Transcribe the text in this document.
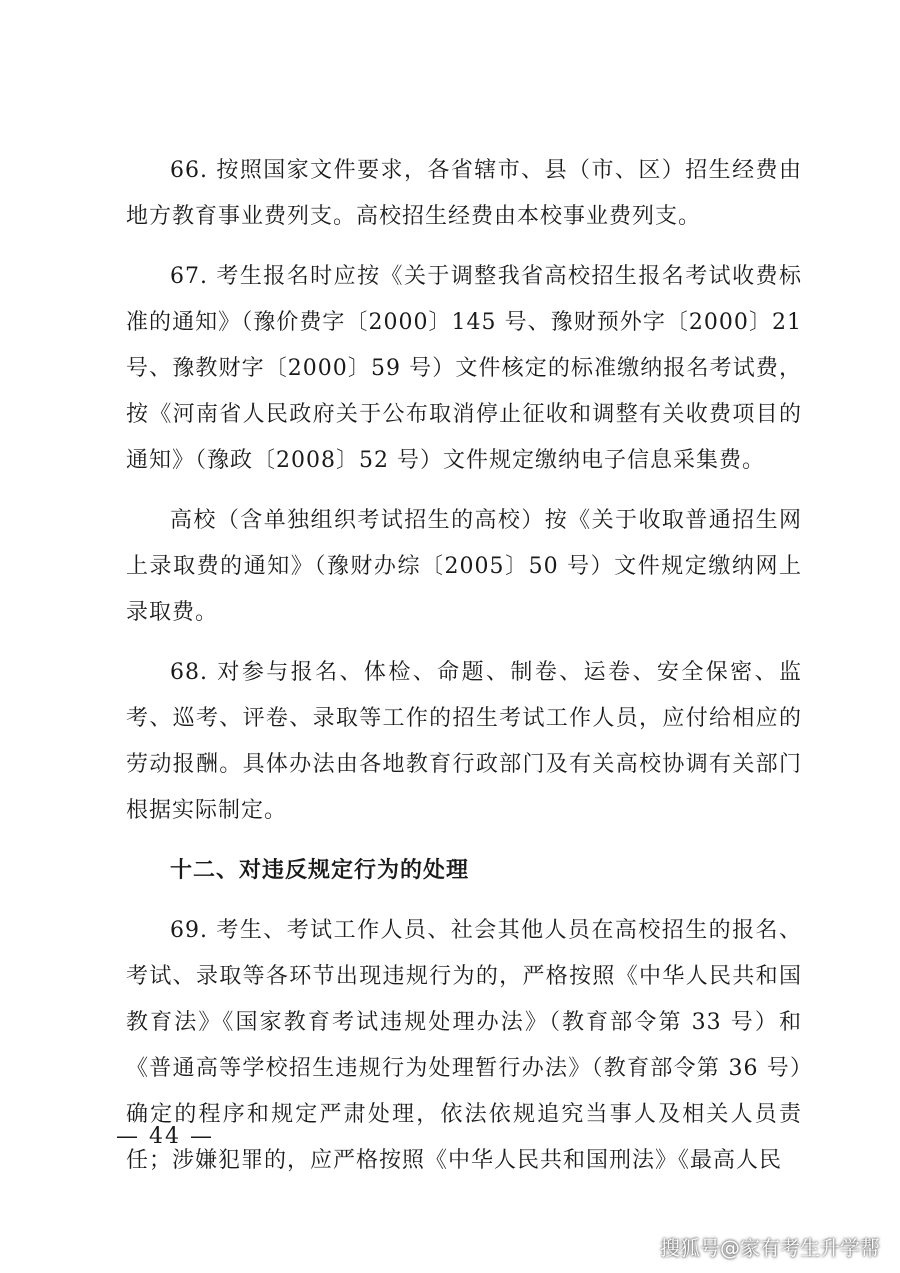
66. 按照国家文件要求，各省辖市、县（市、区）招生经费由地方教育事业费列支。高校招生经费由本校事业费列支。

67. 考生报名时应按《关于调整我省高校招生报名考试收费标准的通知》（豫价费字〔2000〕145 号、豫财预外字〔2000〕21 号、豫教财字〔2000〕59 号）文件核定的标准缴纳报名考试费，按《河南省人民政府关于公布取消停止征收和调整有关收费项目的通知》（豫政〔2008〕52 号）文件规定缴纳电子信息采集费。

高校（含单独组织考试招生的高校）按《关于收取普通招生网上录取费的通知》（豫财办综〔2005〕50 号）文件规定缴纳网上录取费。

68. 对参与报名、体检、命题、制卷、运卷、安全保密、监考、巡考、评卷、录取等工作的招生考试工作人员，应付给相应的劳动报酬。具体办法由各地教育行政部门及有关高校协调有关部门根据实际制定。

十二、对违反规定行为的处理

69. 考生、考试工作人员、社会其他人员在高校招生的报名、考试、录取等各环节出现违规行为的，严格按照《中华人民共和国教育法》《国家教育考试违规处理办法》（教育部令第 33 号）和《普通高等学校招生违规行为处理暂行办法》（教育部令第 36 号）确定的程序和规定严肃处理，依法依规追究当事人及相关人员责任；涉嫌犯罪的，应严格按照《中华人民共和国刑法》《最高人民

— 44 —
搜狐号@家有考生升学帮
